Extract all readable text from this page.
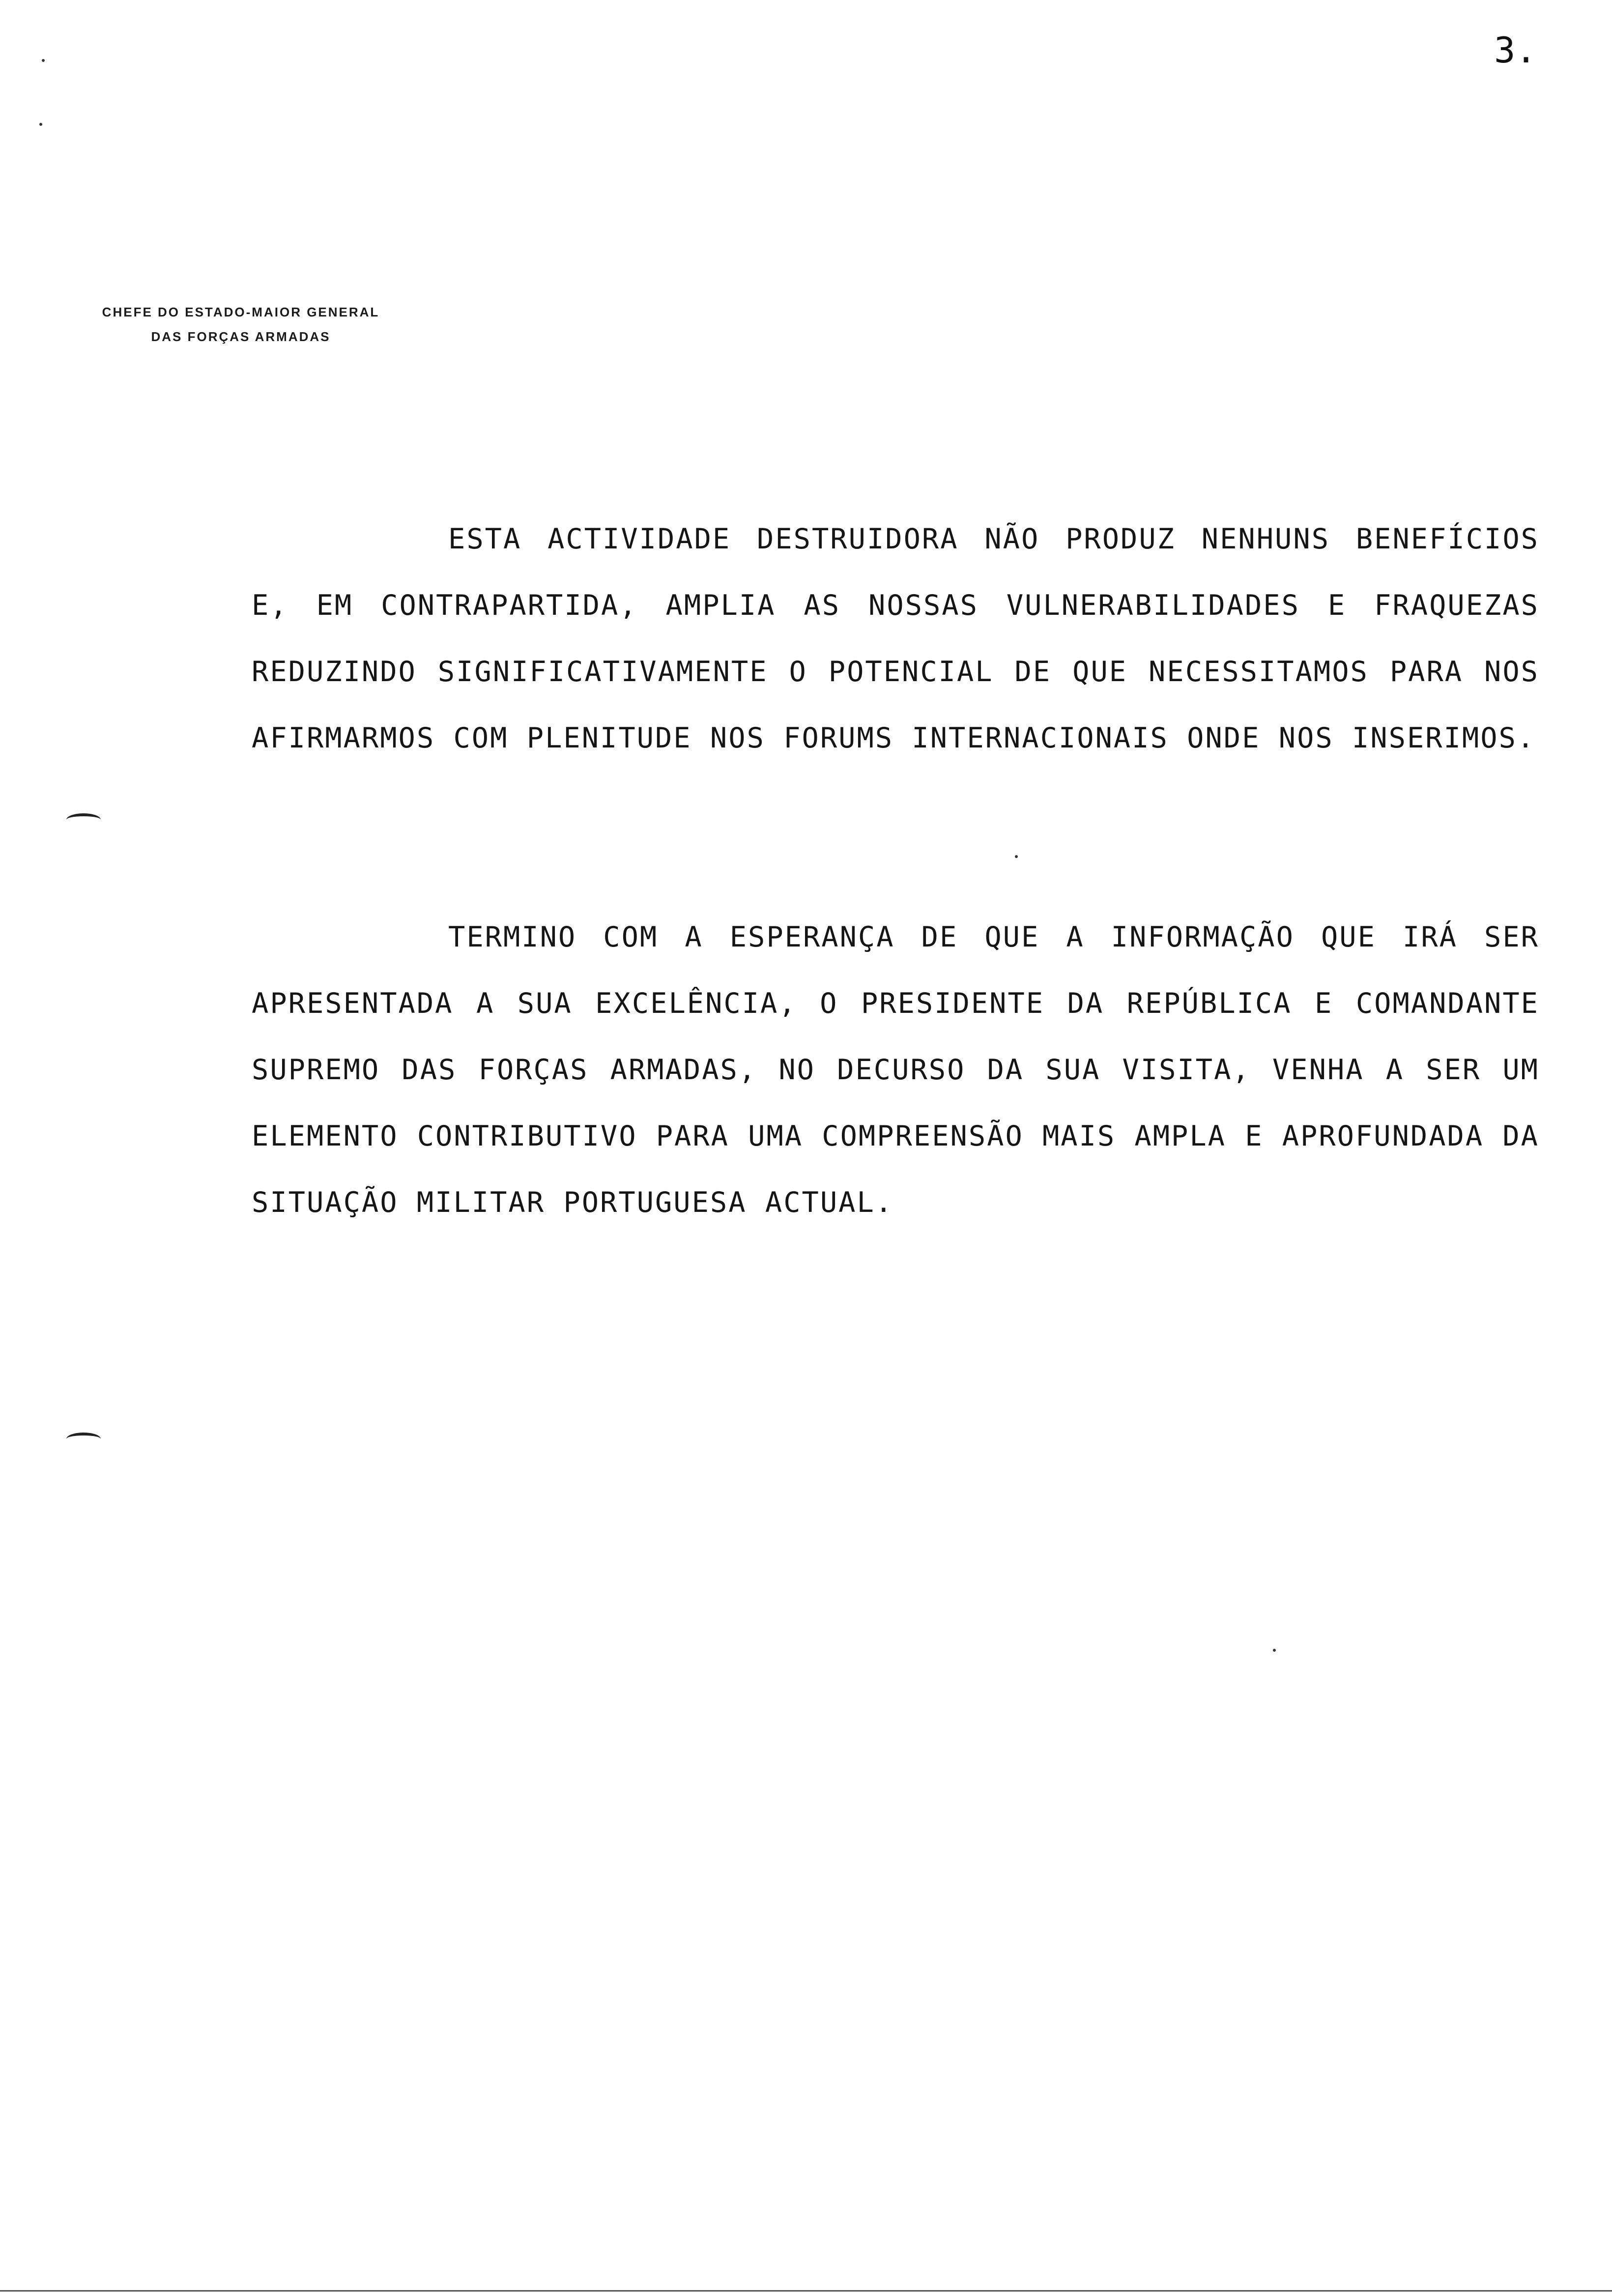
3.
CHEFE DO ESTADO-MAIOR GENERAL
DAS FORÇAS ARMADAS
ESTA ACTIVIDADE DESTRUIDORA NÃO PRODUZ NENHUNS BENEFÍCIOS E, EM CONTRAPARTIDA, AMPLIA AS NOSSAS VULNERABILIDADES E FRAQUEZAS REDUZINDO SIGNIFICATIVAMENTE O POTENCIAL DE QUE NECESSITAMOS PARA NOS AFIRMARMOS COM PLENITUDE NOS FORUMS INTERNACIONAIS ONDE NOS INSERIMOS.
TERMINO COM A ESPERANÇA DE QUE A INFORMAÇÃO QUE IRÁ SER APRESENTADA A SUA EXCELÊNCIA, O PRESIDENTE DA REPÚBLICA E COMANDANTE SUPREMO DAS FORÇAS ARMADAS, NO DECURSO DA SUA VISITA, VENHA A SER UM ELEMENTO CONTRIBUTIVO PARA UMA COMPREENSÃO MAIS AMPLA E APROFUNDADA DA SITUAÇÃO MILITAR PORTUGUESA ACTUAL.
